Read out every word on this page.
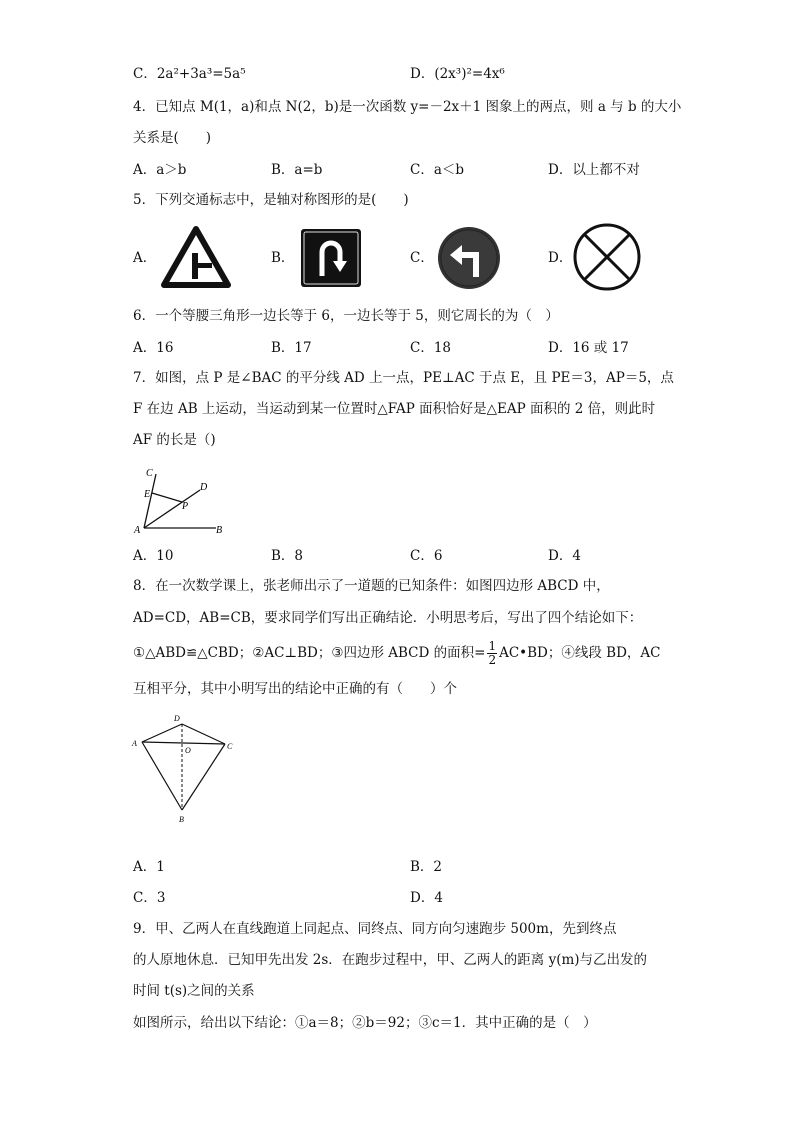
C．2a²+3a³=5a⁵	D．(2x³)²=4x⁶
4．已知点 M(1，a)和点 N(2，b)是一次函数 y=－2x＋1 图象上的两点，则 a 与 b 的大小
关系是(　　)
A．a＞b	B．a=b	C．a＜b	D．以上都不对
5．下列交通标志中，是轴对称图形的是(　　)
A．	B．	C．	D．
6．一个等腰三角形一边长等于 6，一边长等于 5，则它周长的为（　）
A．16	B．17	C．18	D．16 或 17
7．如图，点 P 是∠BAC 的平分线 AD 上一点，PE⊥AC 于点 E，且 PE＝3，AP＝5，点
F 在边 AB 上运动，当运动到某一位置时△FAP 面积恰好是△EAP 面积的 2 倍，则此时
AF 的长是（)
C
E
D
P
A	B
A．10	B．8	C．6	D．4
8．在一次数学课上，张老师出示了一道题的已知条件：如图四边形 ABCD 中，
AD=CD，AB=CB，要求同学们写出正确结论．小明思考后，写出了四个结论如下：
①△ABD≌△CBD；②AC⊥BD；③四边形 ABCD 的面积= $\frac{1}{2}$ AC•BD；④线段 BD，AC
互相平分，其中小明写出的结论中正确的有（　　）个
D
A
O	C
B
A．1	B．2
C．3	D．4
9．甲、乙两人在直线跑道上同起点、同终点、同方向匀速跑步 500m，先到终点
的人原地休息．已知甲先出发 2s．在跑步过程中，甲、乙两人的距离 y(m)与乙出发的
时间 t(s)之间的关系
如图所示，给出以下结论：①a＝8；②b＝92；③c＝1．其中正确的是（　）
